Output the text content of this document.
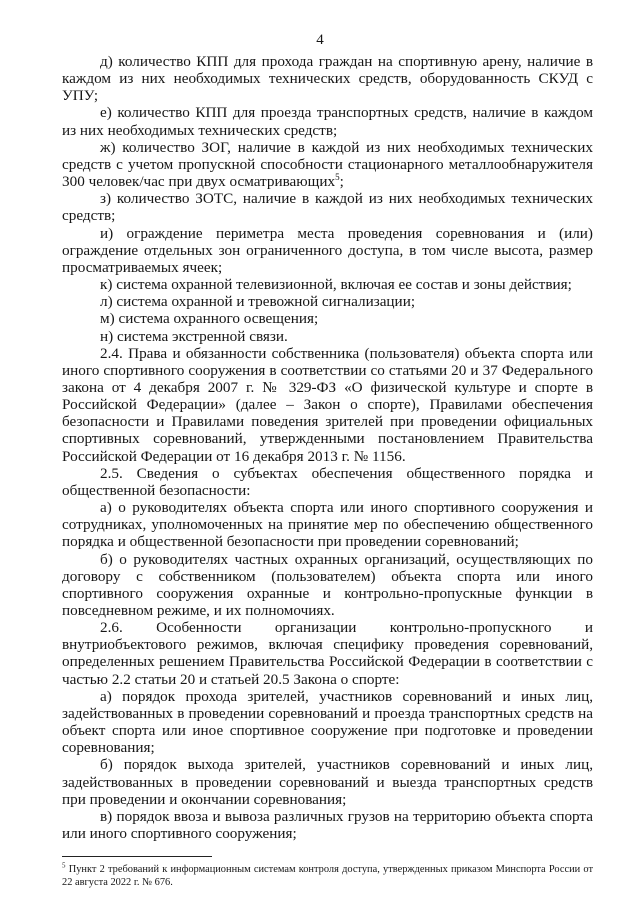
4

д) количество КПП для прохода граждан на спортивную арену, наличие в каждом из них необходимых технических средств, оборудованность СКУД с УПУ;

е) количество КПП для проезда транспортных средств, наличие в каждом из них необходимых технических средств;

ж) количество ЗОГ, наличие в каждой из них необходимых технических средств с учетом пропускной способности стационарного металлообнаружителя 300 человек/час при двух осматривающих$^5$;

з) количество ЗОТС, наличие в каждой из них необходимых технических средств;

и) ограждение периметра места проведения соревнования и (или) ограждение отдельных зон ограниченного доступа, в том числе высота, размер просматриваемых ячеек;

к) система охранной телевизионной, включая ее состав и зоны действия;

л) система охранной и тревожной сигнализации;

м) система охранного освещения;

н) система экстренной связи.

2.4. Права и обязанности собственника (пользователя) объекта спорта или иного спортивного сооружения в соответствии со статьями 20 и 37 Федерального закона от 4 декабря 2007 г. № 329-ФЗ «О физической культуре и спорте в Российской Федерации» (далее – Закон о спорте), Правилами обеспечения безопасности и Правилами поведения зрителей при проведении официальных спортивных соревнований, утвержденными постановлением Правительства Российской Федерации от 16 декабря 2013 г. № 1156.

2.5. Сведения о субъектах обеспечения общественного порядка и общественной безопасности:

а) о руководителях объекта спорта или иного спортивного сооружения и сотрудниках, уполномоченных на принятие мер по обеспечению общественного порядка и общественной безопасности при проведении соревнований;

б) о руководителях частных охранных организаций, осуществляющих по договору с собственником (пользователем) объекта спорта или иного спортивного сооружения охранные и контрольно-пропускные функции в повседневном режиме, и их полномочиях.

2.6. Особенности организации контрольно-пропускного и внутриобъектового режимов, включая специфику проведения соревнований, определенных решением Правительства Российской Федерации в соответствии с частью 2.2 статьи 20 и статьей 20.5 Закона о спорте:

а) порядок прохода зрителей, участников соревнований и иных лиц, задействованных в проведении соревнований и проезда транспортных средств на объект спорта или иное спортивное сооружение при подготовке и проведении соревнования;

б) порядок выхода зрителей, участников соревнований и иных лиц, задействованных в проведении соревнований и выезда транспортных средств при проведении и окончании соревнования;

в) порядок ввоза и вывоза различных грузов на территорию объекта спорта или иного спортивного сооружения;

$^5$ Пункт 2 требований к информационным системам контроля доступа, утвержденных приказом Минспорта России от 22 августа 2022 г. № 676.
